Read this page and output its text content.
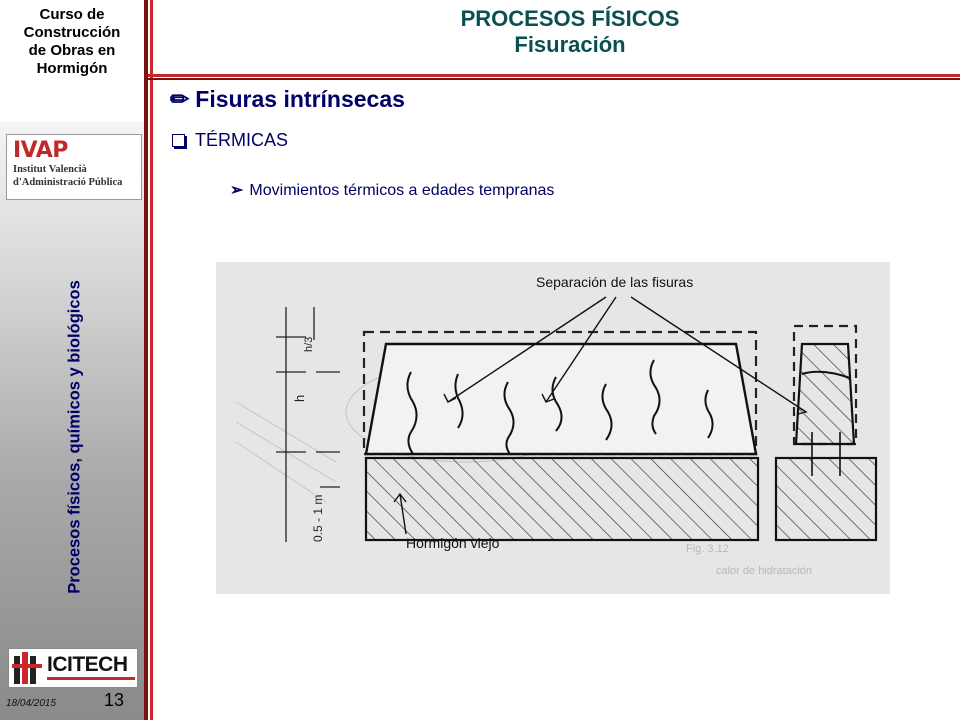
Curso de
Construcción
de Obras en
Hormigón
IVAP
Institut Valencià
d'Administració Pública
Procesos físicos, químicos y biológicos
ICITECH
18/04/2015	13
PROCESOS FÍSICOS
Fisuración
✏ Fisuras intrínsecas
TÉRMICAS
➢ Movimientos térmicos a edades tempranas
h
h/3
0.5 - 1 m
Separación de las fisuras
Hormigón viejo	Fig. 3.12
calor de hidratación
